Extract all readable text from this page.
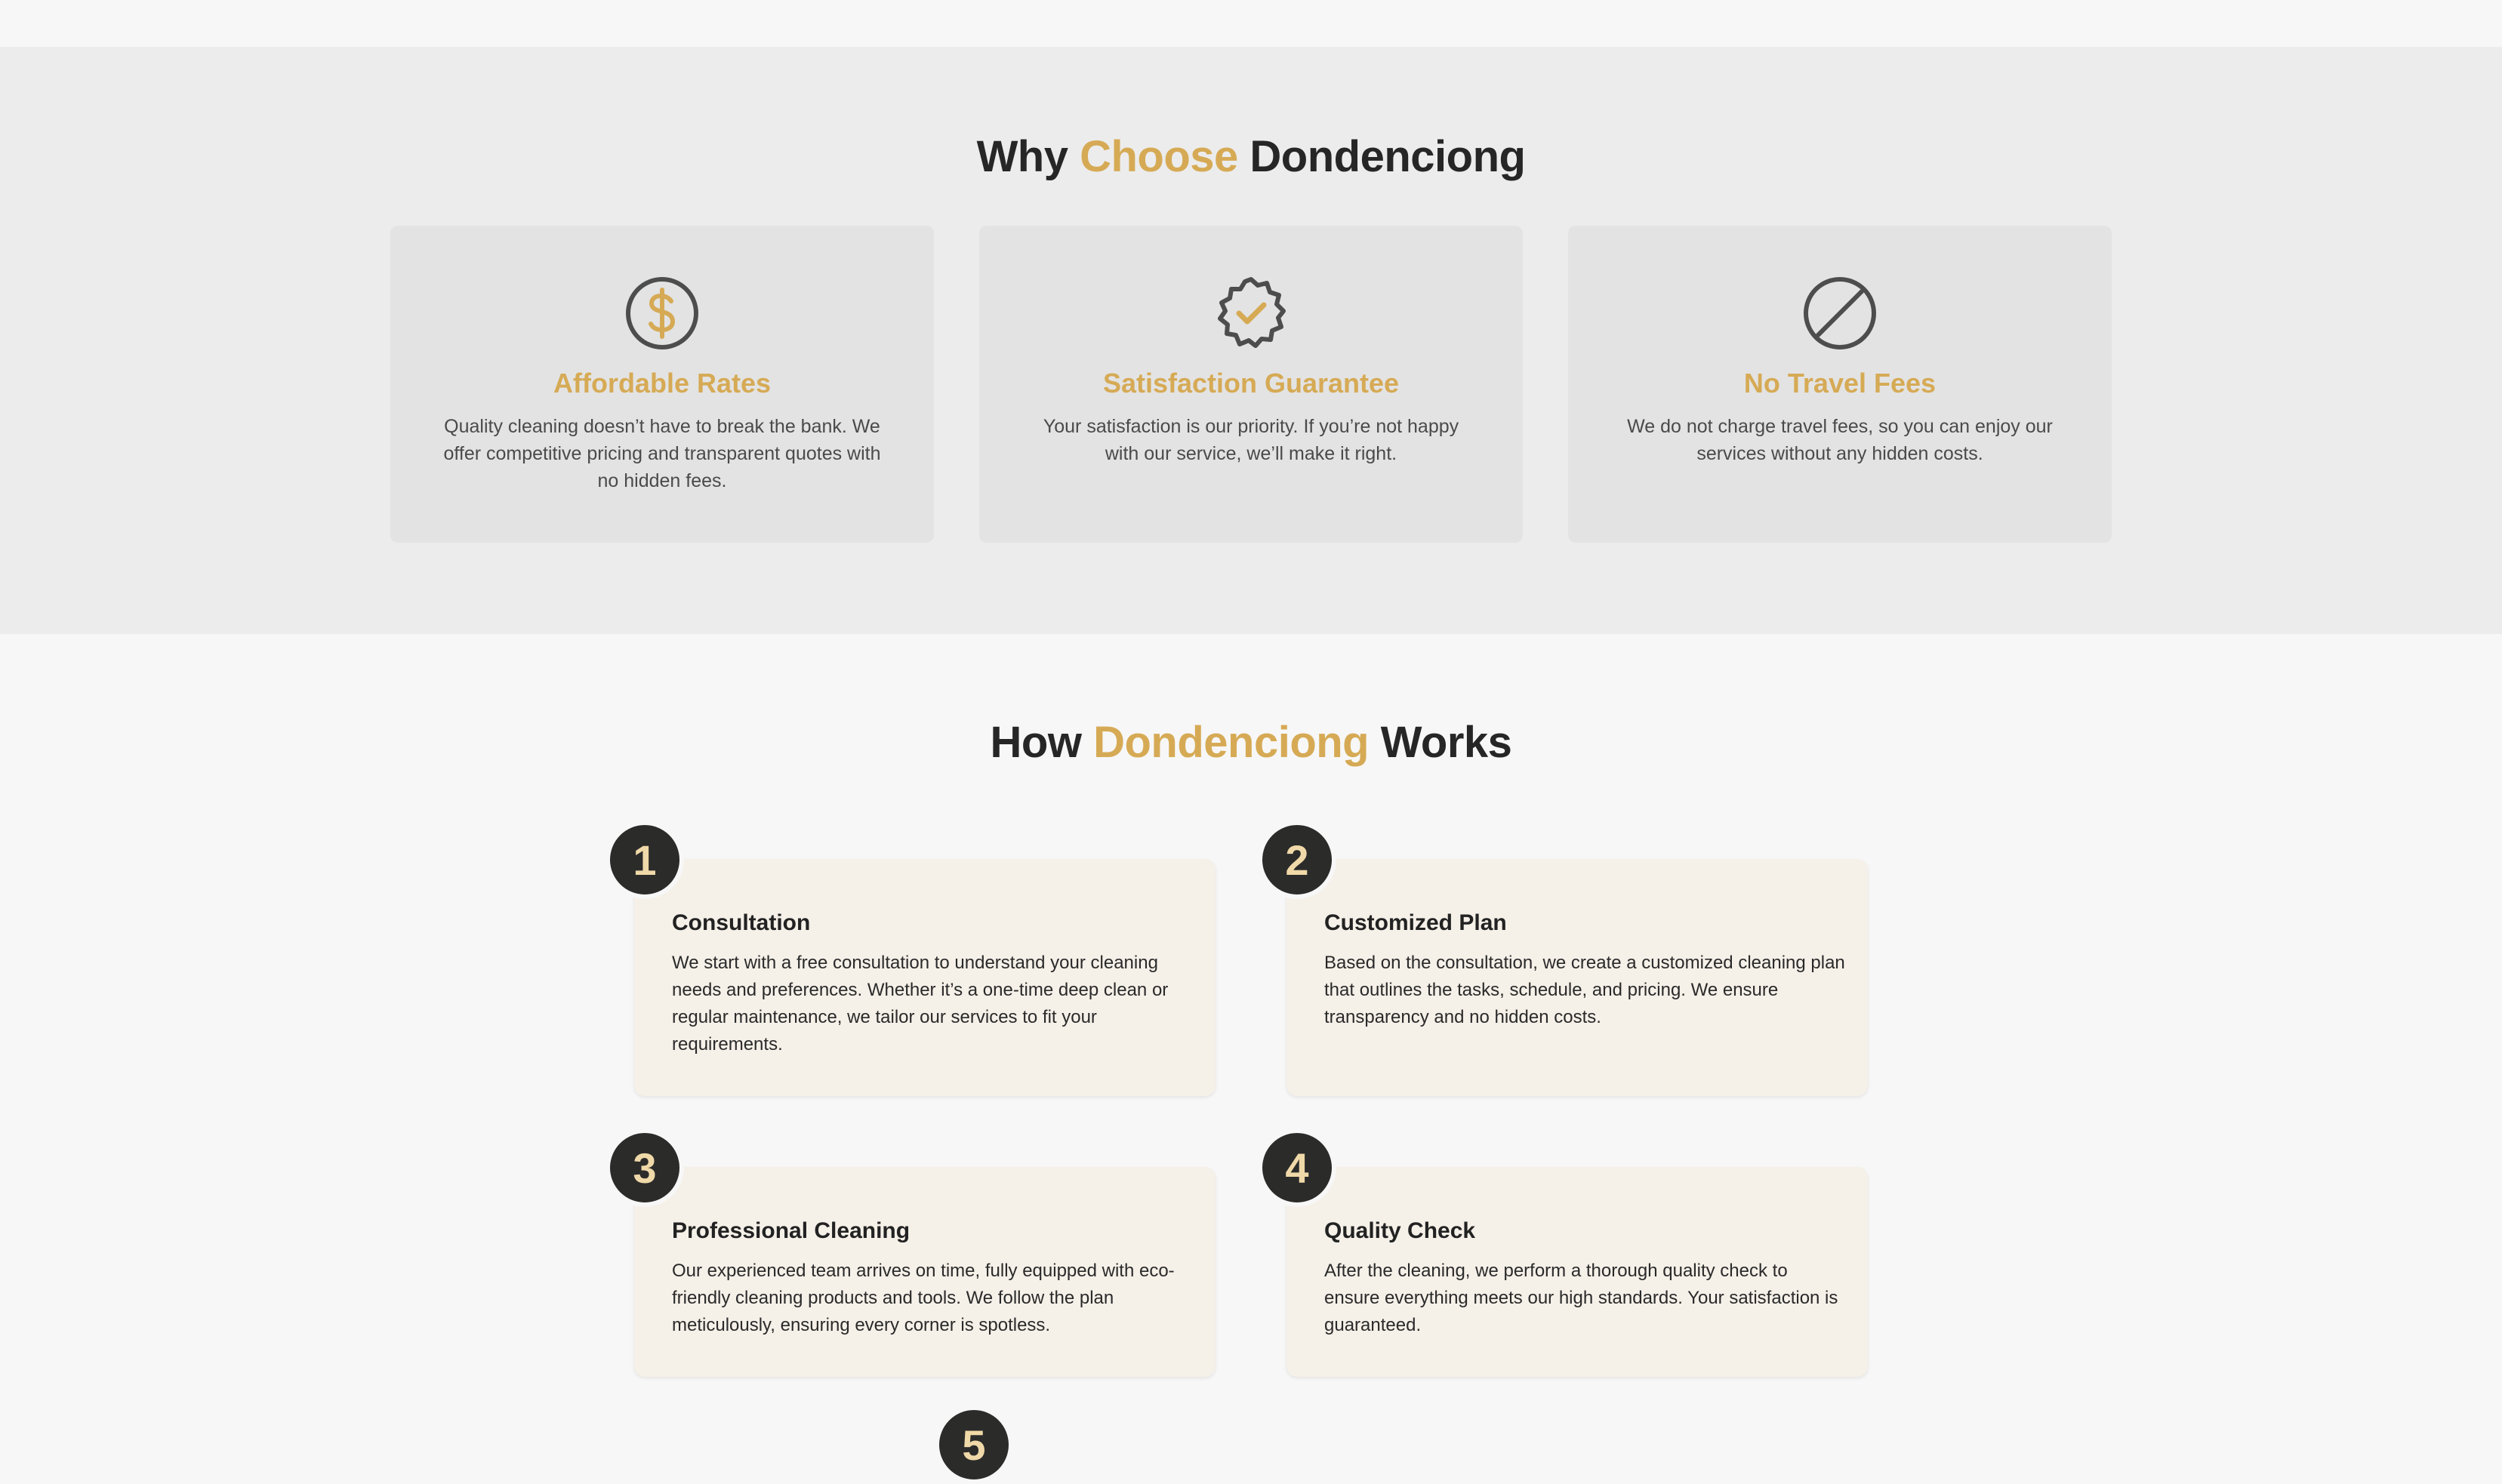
Why Choose Dondenciong
Affordable Rates

Quality cleaning doesn’t have to break the bank. We offer competitive pricing and transparent quotes with no hidden fees.

Satisfaction Guarantee

Your satisfaction is our priority. If you’re not happy with our service, we’ll make it right.

No Travel Fees

We do not charge travel fees, so you can enjoy our services without any hidden costs.

How Dondenciong Works
Consultation

We start with a free consultation to understand your cleaning needs and preferences. Whether it’s a one-time deep clean or regular maintenance, we tailor our services to fit your requirements.

1
Customized Plan

Based on the consultation, we create a customized cleaning plan that outlines the tasks, schedule, and pricing. We ensure transparency and no hidden costs.

2
Professional Cleaning

Our experienced team arrives on time, fully equipped with eco-friendly cleaning products and tools. We follow the plan meticulously, ensuring every corner is spotless.

3
Quality Check

After the cleaning, we perform a thorough quality check to ensure everything meets our high standards. Your satisfaction is guaranteed.

4
5
